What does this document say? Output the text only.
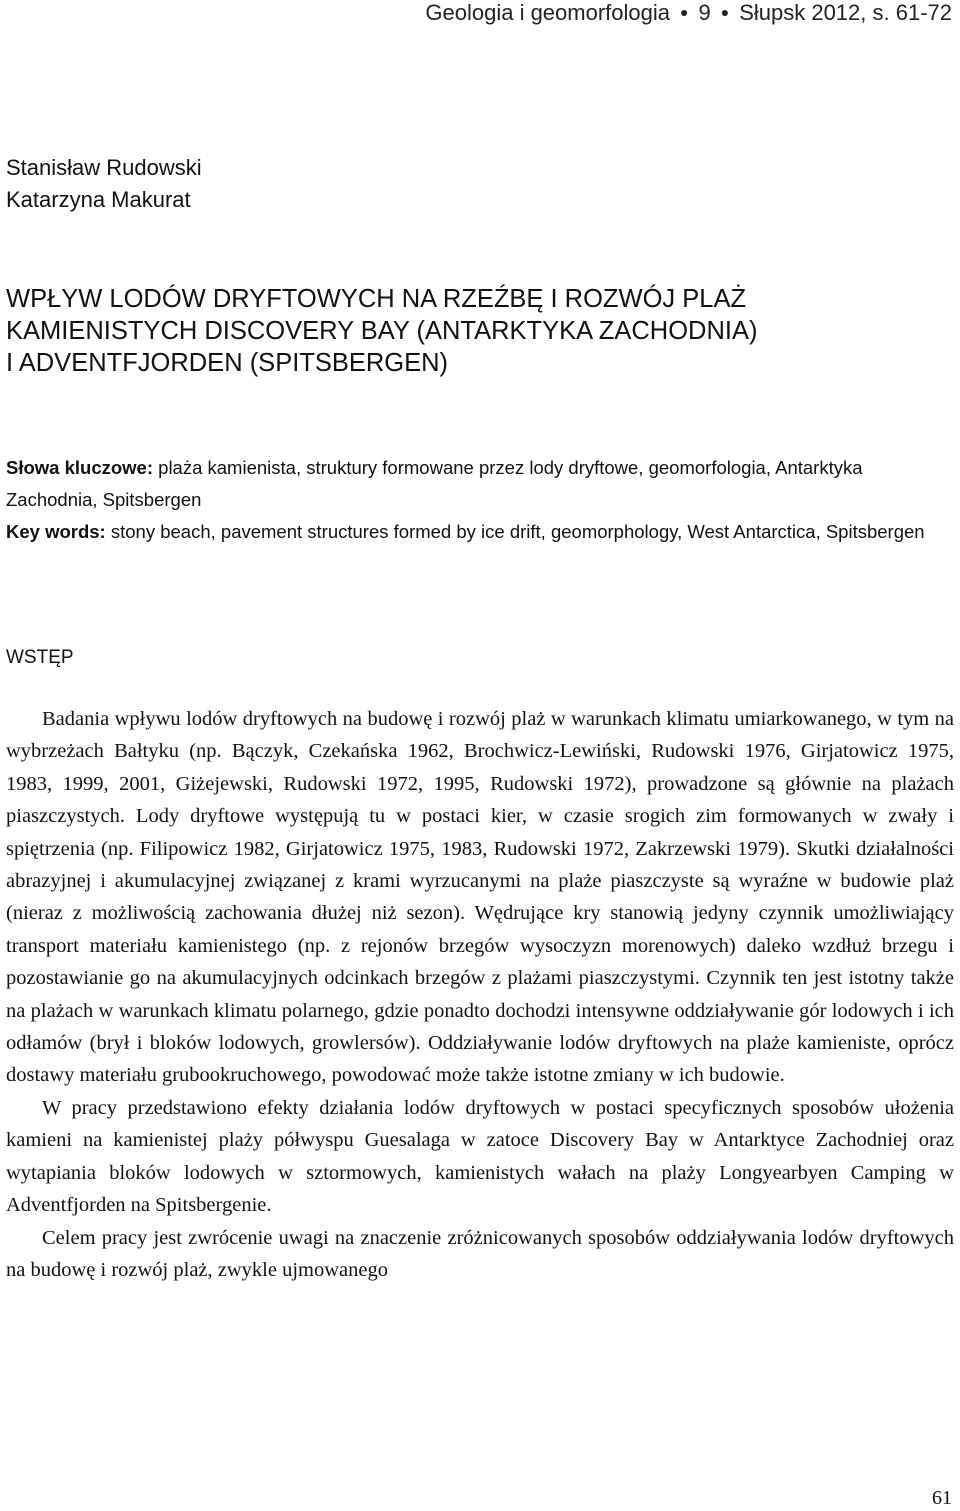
Geologia i geomorfologia ● 9 ● Słupsk 2012, s. 61-72
Stanisław Rudowski
Katarzyna Makurat
WPŁYW LODÓW DRYFTOWYCH NA RZEŹBĘ I ROZWÓJ PLAŻ
KAMIENISTYCH DISCOVERY BAY (ANTARKTYKA ZACHODNIA)
I ADVENTFJORDEN (SPITSBERGEN)

Słowa kluczowe: plaża kamienista, struktury formowane przez lody dryftowe, geomorfologia, Antarktyka Zachodnia, Spitsbergen

Key words: stony beach, pavement structures formed by ice drift, geomorphology, West Antarctica, Spitsbergen

WSTĘP

Badania wpływu lodów dryftowych na budowę i rozwój plaż w warunkach klimatu umiarkowanego, w tym na wybrzeżach Bałtyku (np. Bączyk, Czekańska 1962, Brochwicz-Lewiński, Rudowski 1976, Girjatowicz 1975, 1983, 1999, 2001, Giżejewski, Rudowski 1972, 1995, Rudowski 1972), prowadzone są głównie na plażach piaszczystych. Lody dryftowe występują tu w postaci kier, w czasie srogich zim formowanych w zwały i spiętrzenia (np. Filipowicz 1982, Girjatowicz 1975, 1983, Rudowski 1972, Zakrzewski 1979). Skutki działalności abrazyjnej i akumulacyjnej związanej z krami wyrzucanymi na plaże piaszczyste są wyraźne w budowie plaż (nieraz z możliwością zachowania dłużej niż sezon). Wędrujące kry stanowią jedyny czynnik umożliwiający transport materiału kamienistego (np. z rejonów brzegów wysoczyzn morenowych) daleko wzdłuż brzegu i pozostawianie go na akumulacyjnych odcinkach brzegów z plażami piaszczystymi. Czynnik ten jest istotny także na plażach w warunkach klimatu polarnego, gdzie ponadto dochodzi intensywne oddziaływanie gór lodowych i ich odłamów (brył i bloków lodowych, growlersów). Oddziaływanie lodów dryftowych na plaże kamieniste, oprócz dostawy materiału grubookruchowego, powodować może także istotne zmiany w ich budowie.

W pracy przedstawiono efekty działania lodów dryftowych w postaci specyficznych sposobów ułożenia kamieni na kamienistej plaży półwyspu Guesalaga w zatoce Discovery Bay w Antarktyce Zachodniej oraz wytapiania bloków lodowych w sztormowych, kamienistych wałach na plaży Longyearbyen Camping w Adventfjorden na Spitsbergenie.

Celem pracy jest zwrócenie uwagi na znaczenie zróżnicowanych sposobów oddziaływania lodów dryftowych na budowę i rozwój plaż, zwykle ujmowanego

61
